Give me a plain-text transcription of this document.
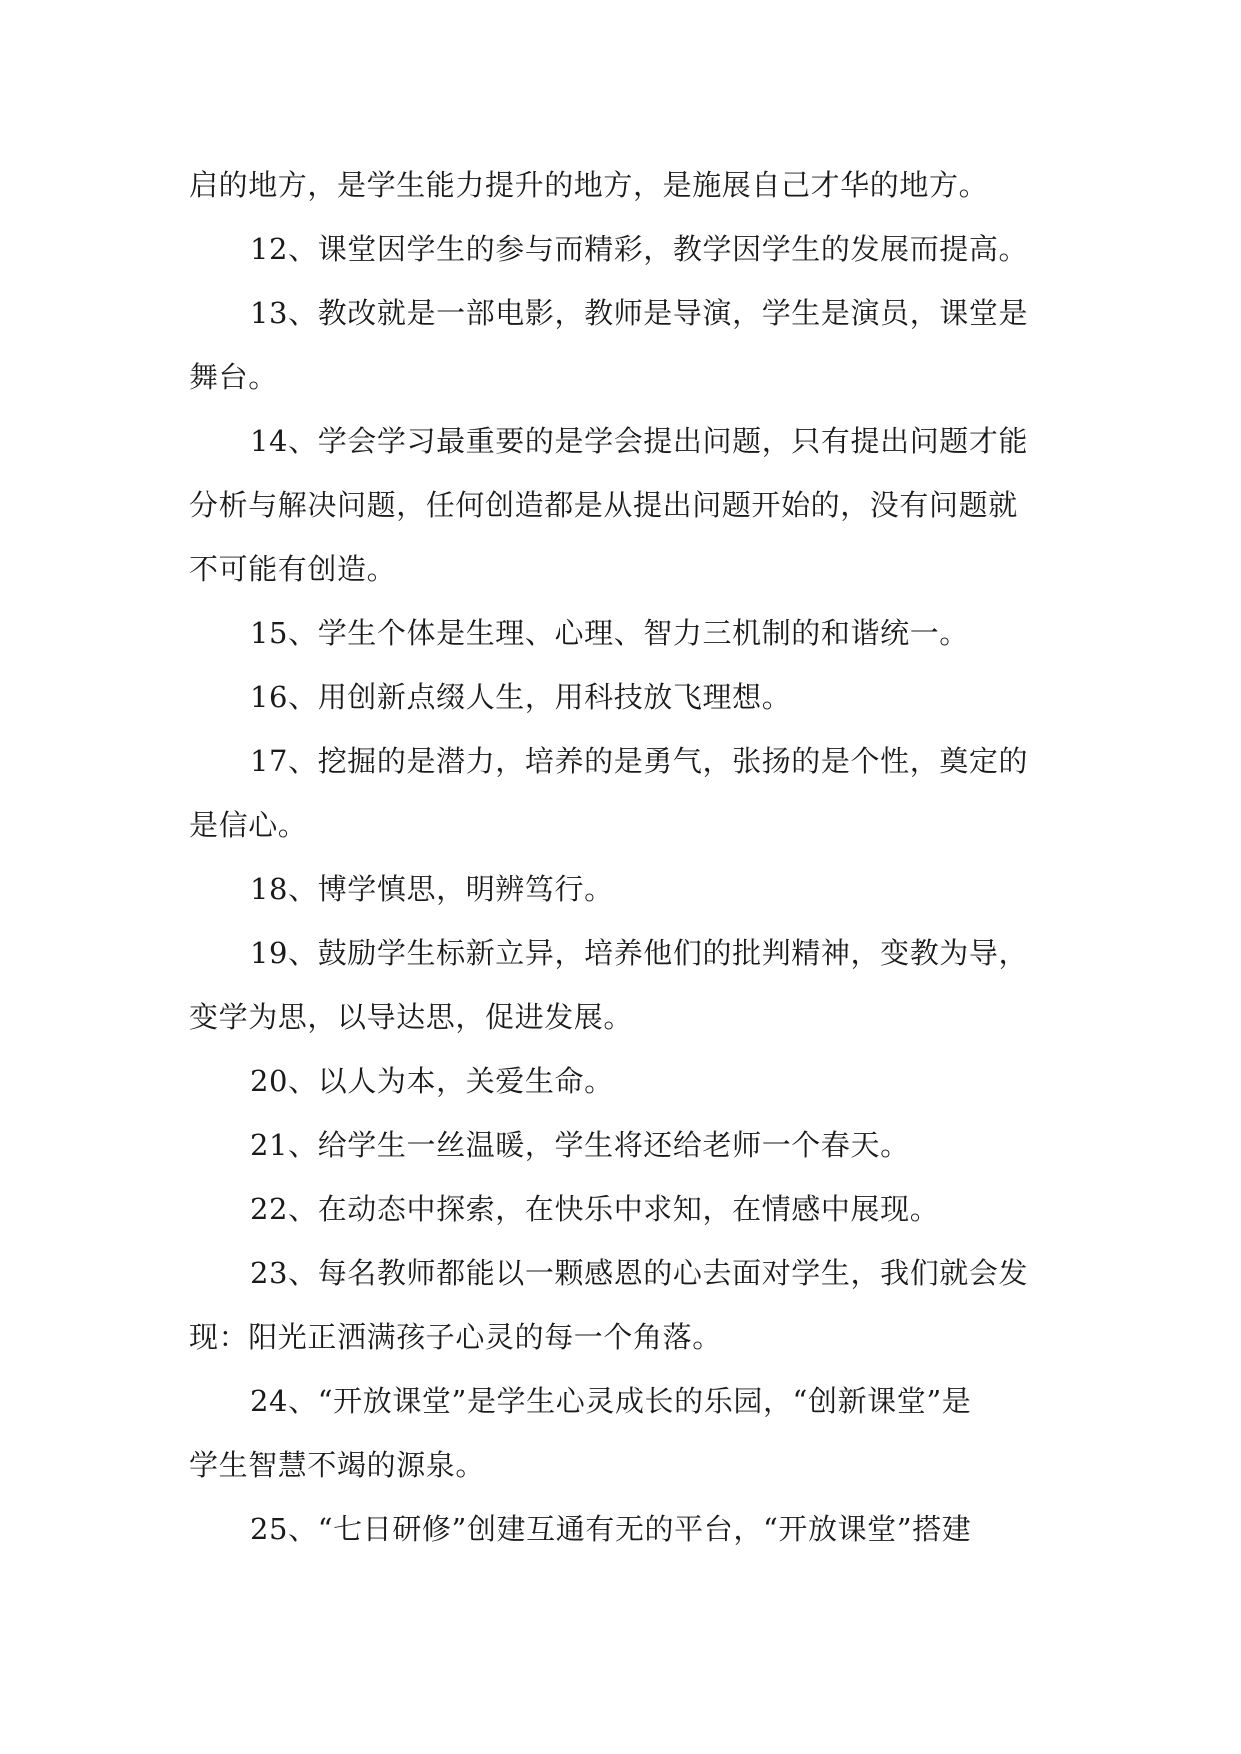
启的地方，是学生能力提升的地方，是施展自己才华的地方。
12、课堂因学生的参与而精彩，教学因学生的发展而提高。
13、教改就是一部电影，教师是导演，学生是演员，课堂是
舞台。
14、学会学习最重要的是学会提出问题，只有提出问题才能
分析与解决问题，任何创造都是从提出问题开始的，没有问题就
不可能有创造。
15、学生个体是生理、心理、智力三机制的和谐统一。
16、用创新点缀人生，用科技放飞理想。
17、挖掘的是潜力，培养的是勇气，张扬的是个性，奠定的
是信心。
18、博学慎思，明辨笃行。
19、鼓励学生标新立异，培养他们的批判精神，变教为导，
变学为思，以导达思，促进发展。
20、以人为本，关爱生命。
21、给学生一丝温暖，学生将还给老师一个春天。
22、在动态中探索，在快乐中求知，在情感中展现。
23、每名教师都能以一颗感恩的心去面对学生，我们就会发
现：阳光正洒满孩子心灵的每一个角落。
24、“开放课堂”是学生心灵成长的乐园，“创新课堂”是
学生智慧不竭的源泉。
25、“七日研修”创建互通有无的平台，“开放课堂”搭建
